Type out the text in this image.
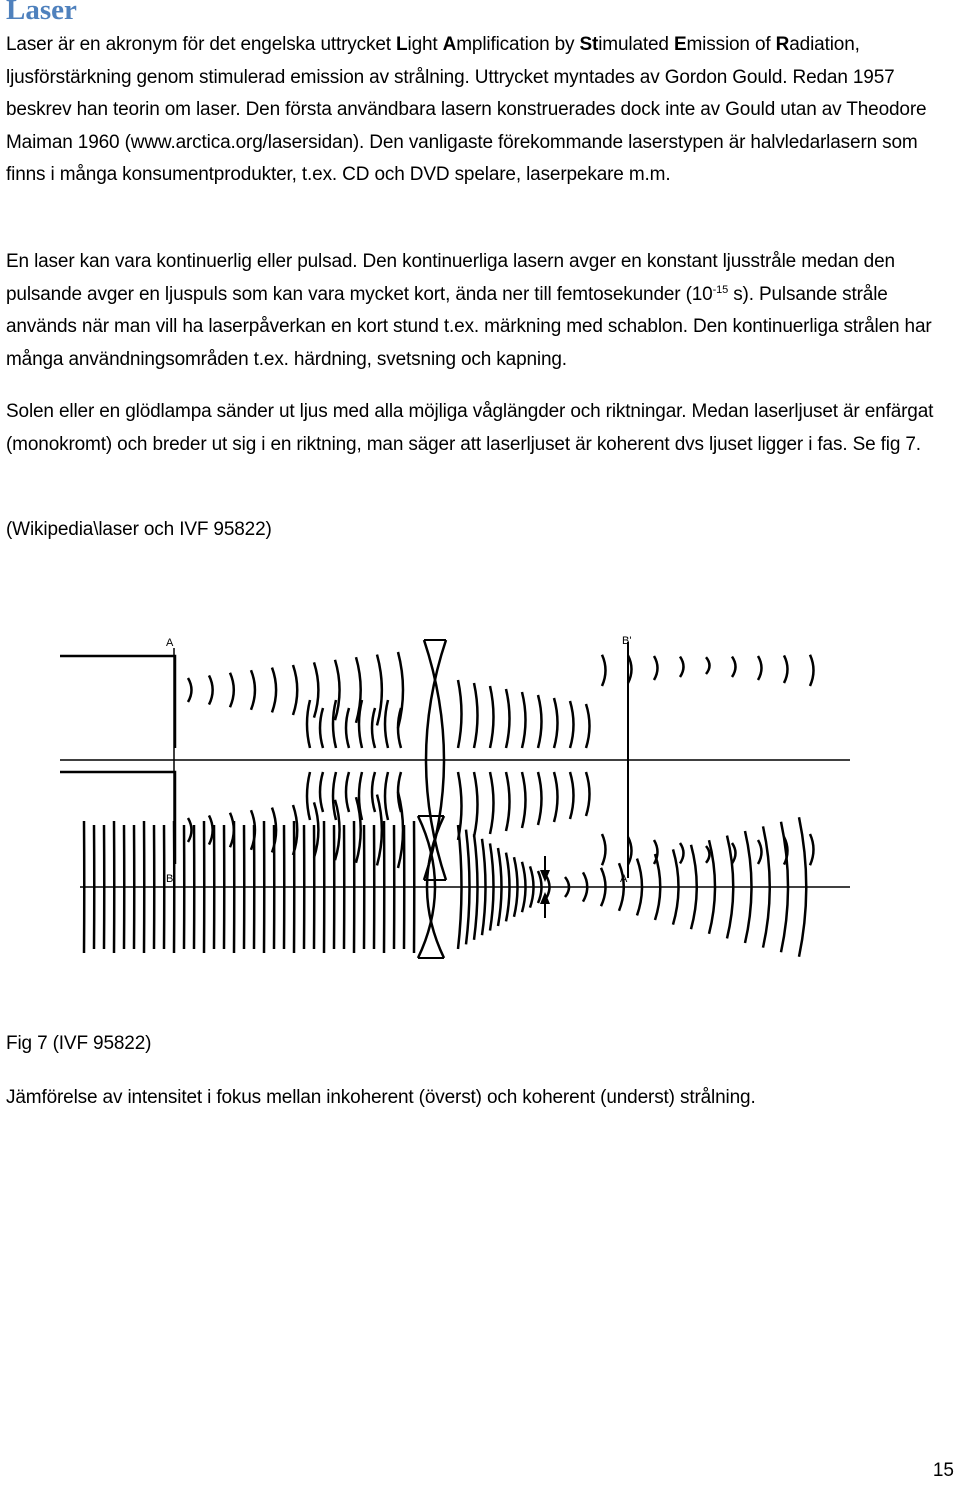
Laser

Laser är en akronym för det engelska uttrycket Light Amplification by Stimulated Emission of Radiation, ljusförstärkning genom stimulerad emission av strålning. Uttrycket myntades av Gordon Gould. Redan 1957 beskrev han teorin om laser. Den första användbara lasern konstruerades dock inte av Gould utan av Theodore Maiman 1960 (www.arctica.org/lasersidan). Den vanligaste förekommande laserstypen är halvledarlasern som finns i många konsumentprodukter, t.ex. CD och DVD spelare, laserpekare m.m.

En laser kan vara kontinuerlig eller pulsad. Den kontinuerliga lasern avger en konstant ljusstråle medan den pulsande avger en ljuspuls som kan vara mycket kort, ända ner till femtosekunder ($10^{-15}$ s). Pulsande stråle används när man vill ha laserpåverkan en kort stund t.ex. märkning med schablon. Den kontinuerliga strålen har många användningsområden t.ex. härdning, svetsning och kapning.

Solen eller en glödlampa sänder ut ljus med alla möjliga våglängder och riktningar. Medan laserljuset är enfärgat (monokromt) och breder ut sig i en riktning, man säger att laserljuset är koherent dvs ljuset ligger i fas. Se fig 7.

(Wikipedia\laser och IVF 95822)

A
B
B'
A'

Fig 7 (IVF 95822)

Jämförelse av intensitet i fokus mellan inkoherent (överst) och koherent (underst) strålning.

15
